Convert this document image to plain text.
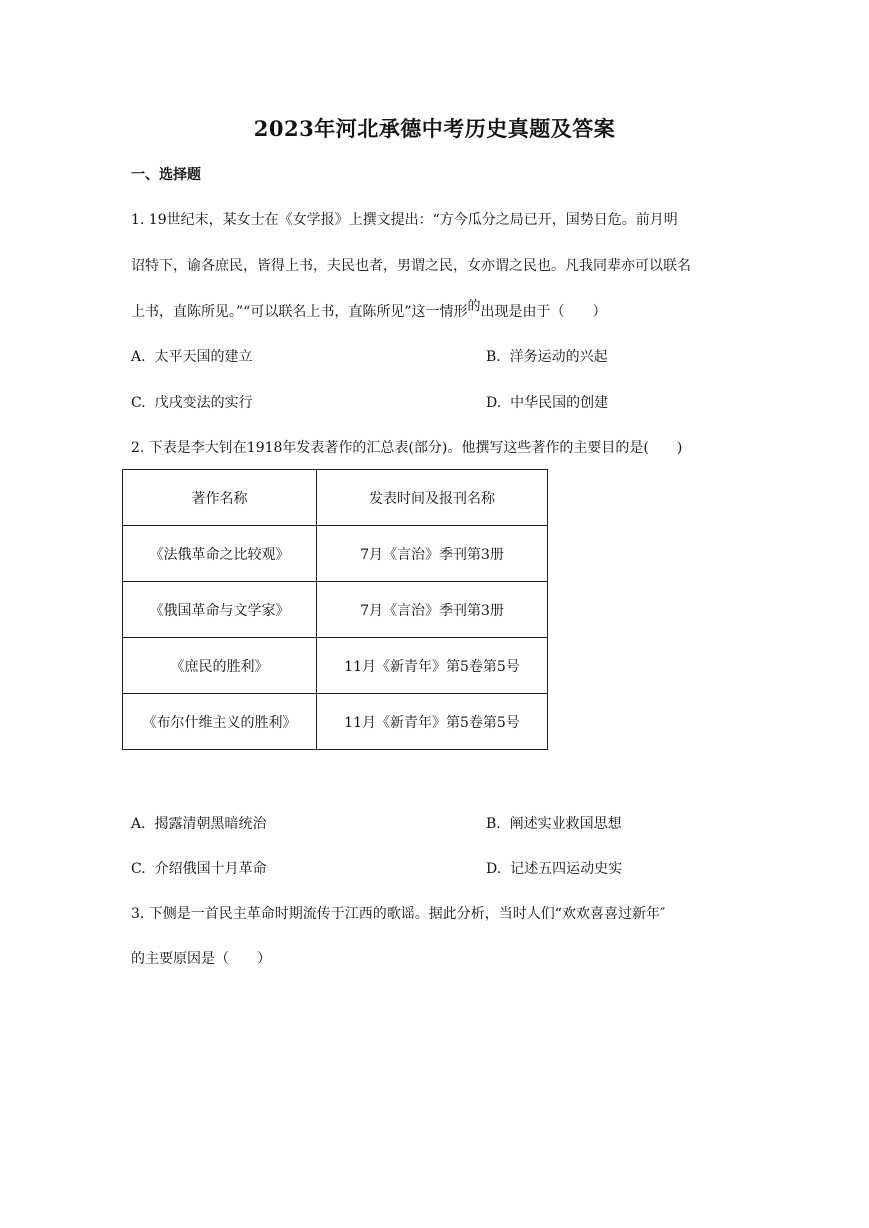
2023年河北承德中考历史真题及答案
一、选择题
1. 19世纪末，某女士在《女学报》上撰文提出：“方今瓜分之局已开，国势日危。前月明
诏特下，谕各庶民，皆得上书，夫民也者，男谓之民，女亦谓之民也。凡我同辈亦可以联名
上书，直陈所见。”“可以联名上书，直陈所见”这一情形的出现是由于（　　）
A. 太平天国的建立	B. 洋务运动的兴起
C. 戊戌变法的实行	D. 中华民国的创建
2. 下表是李大钊在1918年发表著作的汇总表(部分)。他撰写这些著作的主要目的是(　　)
著作名称	发表时间及报刊名称
《法俄革命之比较观》	7月《言治》季刊第3册
《俄国革命与文学家》	7月《言治》季刊第3册
《庶民的胜利》	11月《新青年》第5卷第5号
《布尔什维主义的胜利》	11月《新青年》第5卷第5号
A. 揭露清朝黑暗统治	B. 阐述实业救国思想
C. 介绍俄国十月革命	D. 记述五四运动史实
3. 下侧是一首民主革命时期流传于江西的歌谣。据此分析，当时人们“欢欢喜喜过新年″
的主要原因是（　　）
